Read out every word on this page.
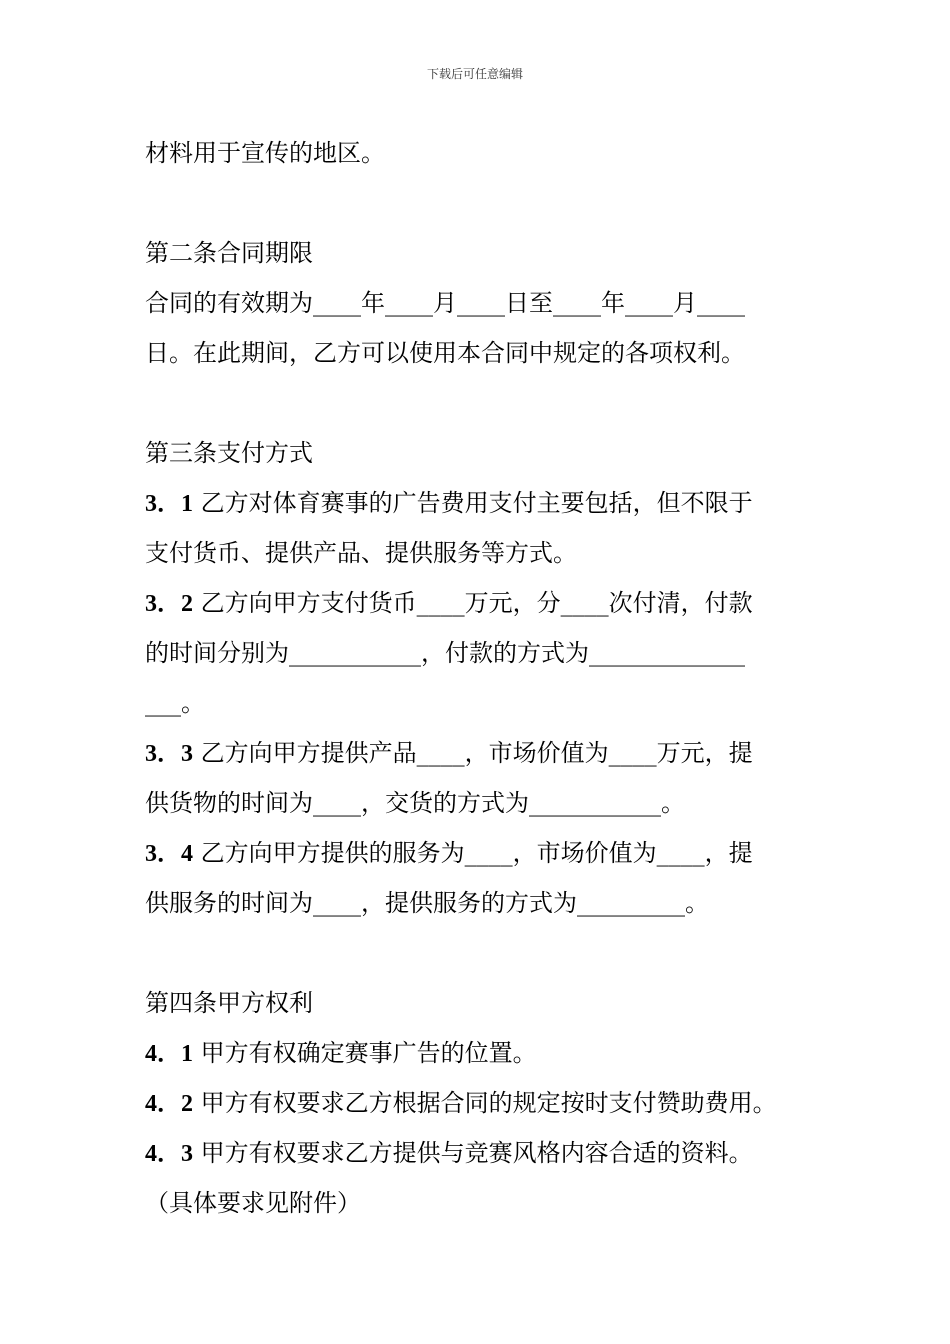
下载后可任意编辑
材料用于宣传的地区。
第二条合同期限
合同的有效期为____年____月____日至____年____月____
日。在此期间，乙方可以使用本合同中规定的各项权利。
第三条支付方式
3．1 乙方对体育赛事的广告费用支付主要包括，但不限于
支付货币、提供产品、提供服务等方式。
3．2 乙方向甲方支付货币____万元，分____次付清，付款
的时间分别为___________，付款的方式为_____________
___。
3．3 乙方向甲方提供产品____，市场价值为____万元，提
供货物的时间为____，交货的方式为___________。
3．4 乙方向甲方提供的服务为____，市场价值为____，提
供服务的时间为____，提供服务的方式为_________。
第四条甲方权利
4．1 甲方有权确定赛事广告的位置。
4．2 甲方有权要求乙方根据合同的规定按时支付赞助费用。
4．3 甲方有权要求乙方提供与竞赛风格内容合适的资料。
（具体要求见附件）
